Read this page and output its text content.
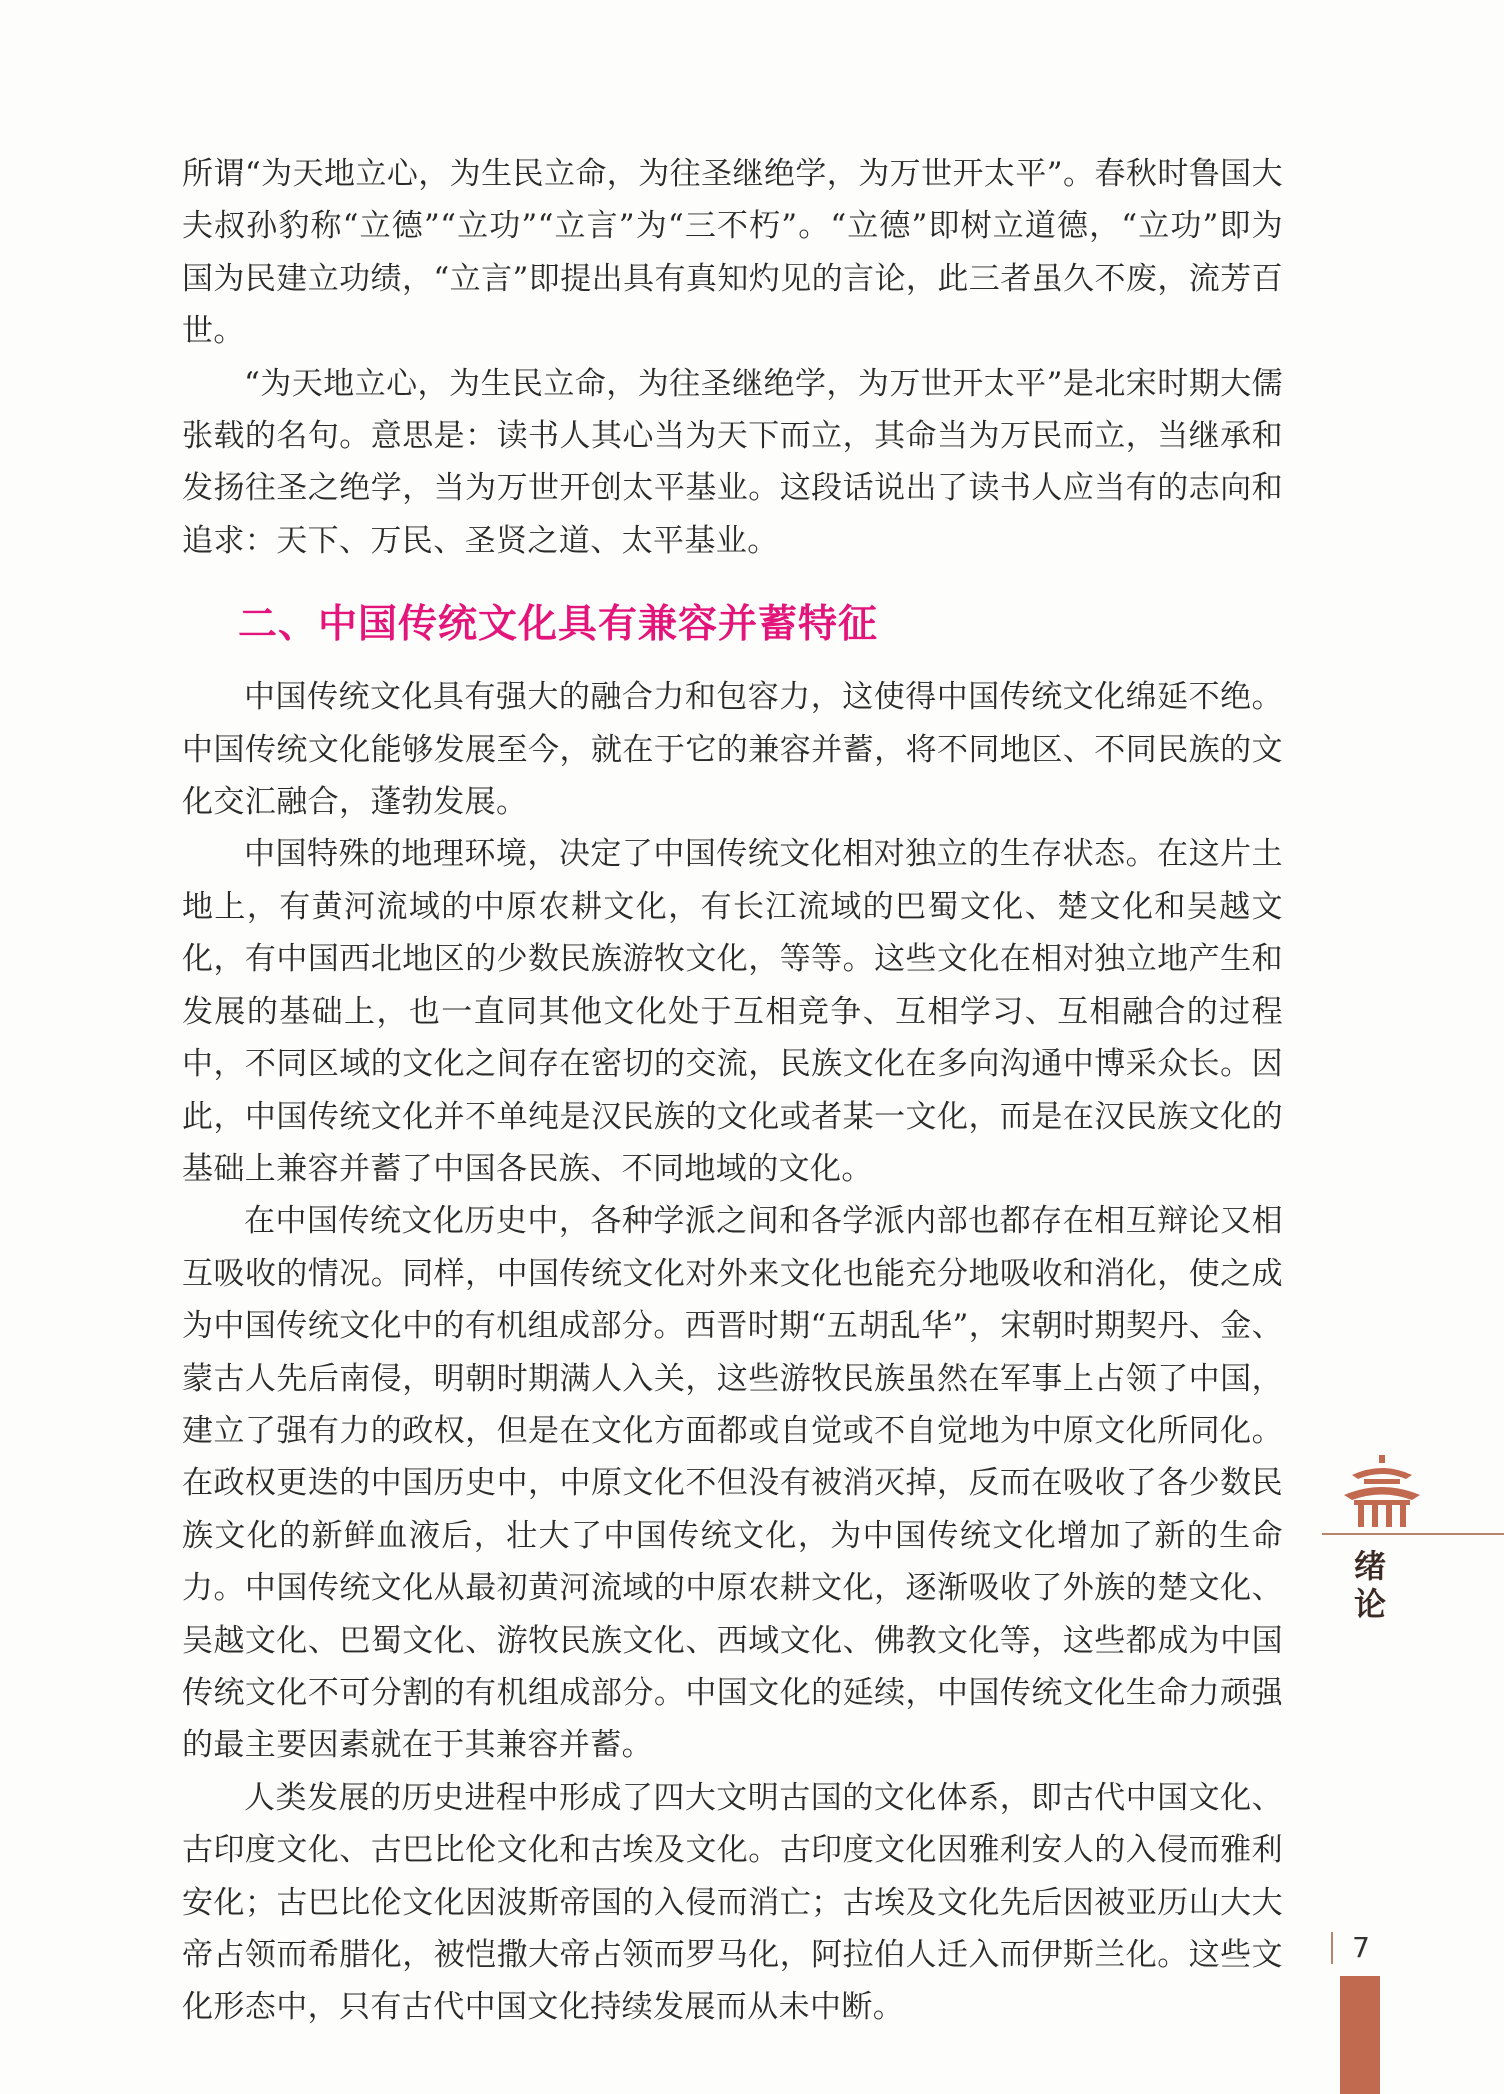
所谓“为天地立心，为生民立命，为往圣继绝学，为万世开太平”。春秋时鲁国大夫叔孙豹称“立德”“立功”“立言”为“三不朽”。“立德”即树立道德，“立功”即为国为民建立功绩，“立言”即提出具有真知灼见的言论，此三者虽久不废，流芳百世。

“为天地立心，为生民立命，为往圣继绝学，为万世开太平”是北宋时期大儒张载的名句。意思是：读书人其心当为天下而立，其命当为万民而立，当继承和发扬往圣之绝学，当为万世开创太平基业。这段话说出了读书人应当有的志向和追求：天下、万民、圣贤之道、太平基业。

二、中国传统文化具有兼容并蓄特征

中国传统文化具有强大的融合力和包容力，这使得中国传统文化绵延不绝。中国传统文化能够发展至今，就在于它的兼容并蓄，将不同地区、不同民族的文化交汇融合，蓬勃发展。

中国特殊的地理环境，决定了中国传统文化相对独立的生存状态。在这片土地上，有黄河流域的中原农耕文化，有长江流域的巴蜀文化、楚文化和吴越文化，有中国西北地区的少数民族游牧文化，等等。这些文化在相对独立地产生和发展的基础上，也一直同其他文化处于互相竞争、互相学习、互相融合的过程中，不同区域的文化之间存在密切的交流，民族文化在多向沟通中博采众长。因此，中国传统文化并不单纯是汉民族的文化或者某一文化，而是在汉民族文化的基础上兼容并蓄了中国各民族、不同地域的文化。

在中国传统文化历史中，各种学派之间和各学派内部也都存在相互辩论又相互吸收的情况。同样，中国传统文化对外来文化也能充分地吸收和消化，使之成为中国传统文化中的有机组成部分。西晋时期“五胡乱华”，宋朝时期契丹、金、蒙古人先后南侵，明朝时期满人入关，这些游牧民族虽然在军事上占领了中国，建立了强有力的政权，但是在文化方面都或自觉或不自觉地为中原文化所同化。在政权更迭的中国历史中，中原文化不但没有被消灭掉，反而在吸收了各少数民族文化的新鲜血液后，壮大了中国传统文化，为中国传统文化增加了新的生命力。中国传统文化从最初黄河流域的中原农耕文化，逐渐吸收了外族的楚文化、吴越文化、巴蜀文化、游牧民族文化、西域文化、佛教文化等，这些都成为中国传统文化不可分割的有机组成部分。中国文化的延续，中国传统文化生命力顽强的最主要因素就在于其兼容并蓄。

人类发展的历史进程中形成了四大文明古国的文化体系，即古代中国文化、古印度文化、古巴比伦文化和古埃及文化。古印度文化因雅利安人的入侵而雅利安化；古巴比伦文化因波斯帝国的入侵而消亡；古埃及文化先后因被亚历山大大帝占领而希腊化，被恺撒大帝占领而罗马化，阿拉伯人迁入而伊斯兰化。这些文化形态中，只有古代中国文化持续发展而从未中断。

绪论
7
